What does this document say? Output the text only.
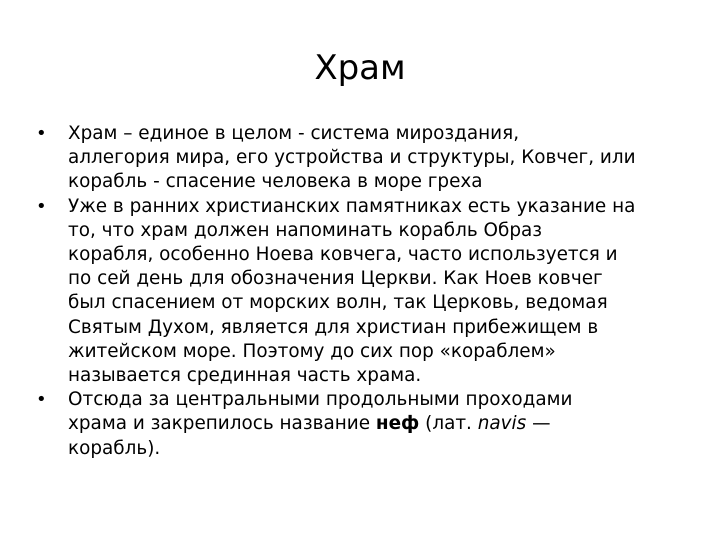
Храм
•	Храм – единое в целом - система мироздания,
аллегория мира, его устройства и структуры, Ковчег, или
корабль - спасение человека в море греха
•	Уже в ранних христианских памятниках есть указание на
то, что храм должен напоминать корабль Образ
корабля, особенно Ноева ковчега, часто используется и
по сей день для обозначения Церкви. Как Ноев ковчег
был спасением от морских волн, так Церковь, ведомая
Святым Духом, является для христиан прибежищем в
житейском море. Поэтому до сих пор «кораблем»
называется срединная часть храма.
•	Отсюда за центральными продольными проходами
храма и закрепилось название неф (лат. navis —
корабль).
